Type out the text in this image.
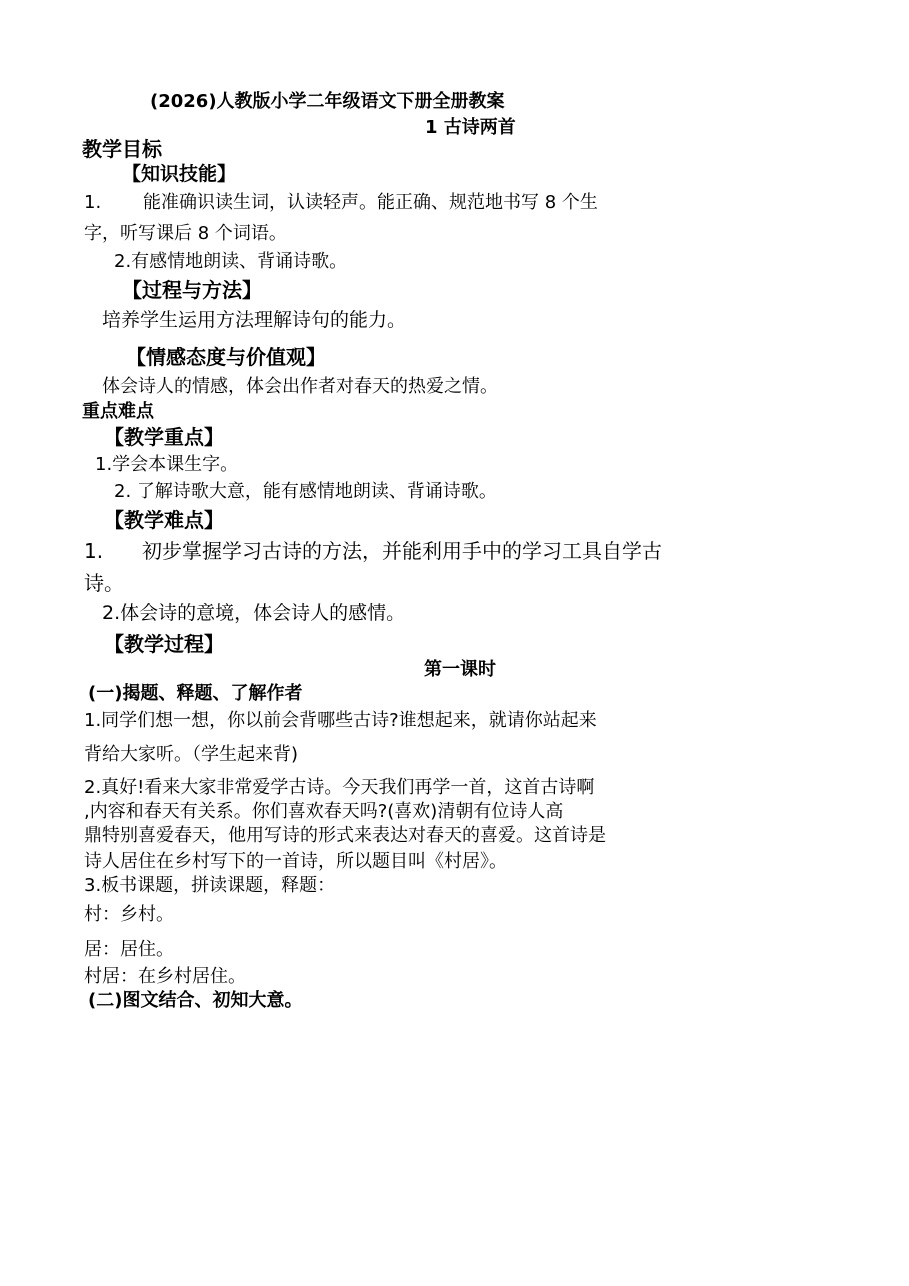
(2026)人教版小学二年级语文下册全册教案
1 古诗两首
教学目标
【知识技能】
1. 能准确识读生词，认读轻声。能正确、规范地书写 8 个生
字，听写课后 8 个词语。
2.有感情地朗读、背诵诗歌。
【过程与方法】
培养学生运用方法理解诗句的能力。
【情感态度与价值观】
体会诗人的情感，体会出作者对春天的热爱之情。
重点难点
【教学重点】
1.学会本课生字。
2. 了解诗歌大意，能有感情地朗读、背诵诗歌。
【教学难点】
1. 初步掌握学习古诗的方法，并能利用手中的学习工具自学古
诗。
2.体会诗的意境，体会诗人的感情。
【教学过程】
第一课时
(一)揭题、释题、了解作者
1.同学们想一想，你以前会背哪些古诗?谁想起来，就请你站起来
背给大家听。（学生起来背)
2.真好!看来大家非常爱学古诗。今天我们再学一首，这首古诗啊
,内容和春天有关系。你们喜欢春天吗?(喜欢)清朝有位诗人高
鼎特别喜爱春天，他用写诗的形式来表达对春天的喜爱。这首诗是
诗人居住在乡村写下的一首诗，所以题目叫《村居》。
3.板书课题，拼读课题，释题：
村：乡村。
居：居住。
村居：在乡村居住。
(二)图文结合、初知大意。
